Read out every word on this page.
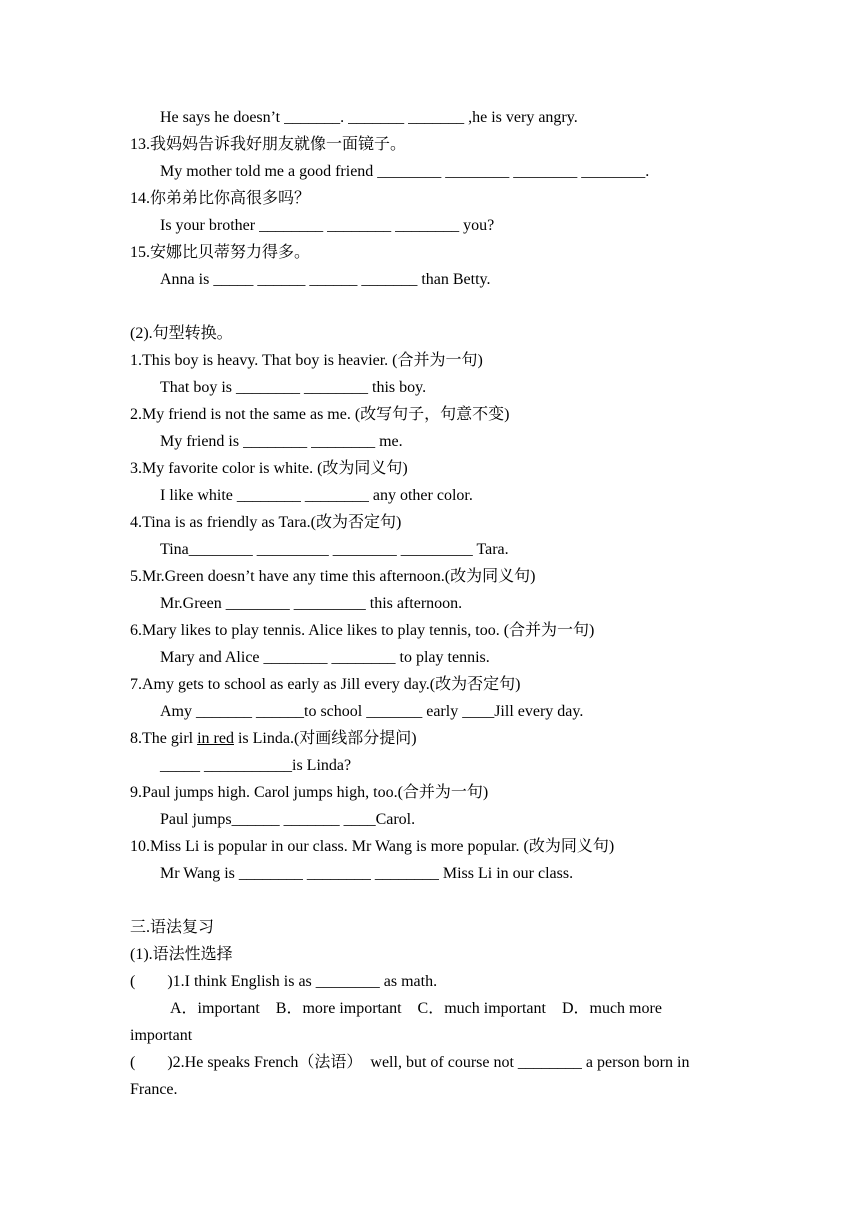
He says he doesn’t _______. _______ _______ ,he is very angry.
13.我妈妈告诉我好朋友就像一面镜子。
My mother told me a good friend ________ ________ ________ ________.
14.你弟弟比你高很多吗？
Is your brother ________ ________ ________ you?
15.安娜比贝蒂努力得多。
Anna is _____ ______ ______ _______ than Betty.
(2).句型转换。
1.This boy is heavy. That boy is heavier. (合并为一句)
That boy is ________ ________ this boy.
2.My friend is not the same as me. (改写句子，句意不变)
My friend is ________ ________ me.
3.My favorite color is white. (改为同义句)
I like white ________ ________ any other color.
4.Tina is as friendly as Tara.(改为否定句)
Tina________ _________ ________ _________ Tara.
5.Mr.Green doesn’t have any time this afternoon.(改为同义句)
Mr.Green ________ _________ this afternoon.
6.Mary likes to play tennis. Alice likes to play tennis, too. (合并为一句)
Mary and Alice ________ ________ to play tennis.
7.Amy gets to school as early as Jill every day.(改为否定句)
Amy _______ ______to school _______ early ____Jill every day.
8.The girl in red is Linda.(对画线部分提问)
_____ ___________is Linda?
9.Paul jumps high. Carol jumps high, too.(合并为一句)
Paul jumps______ _______ ____Carol.
10.Miss Li is popular in our class. Mr Wang is more popular. (改为同义句)
Mr Wang is ________ ________ ________ Miss Li in our class.
三.语法复习
(1).语法性选择
(　　)1.I think English is as ________ as math.
A．important　B．more important　C．much important　D．much more
important
(　　)2.He speaks French（法语）  well, but of course not ________ a person born in
France.
